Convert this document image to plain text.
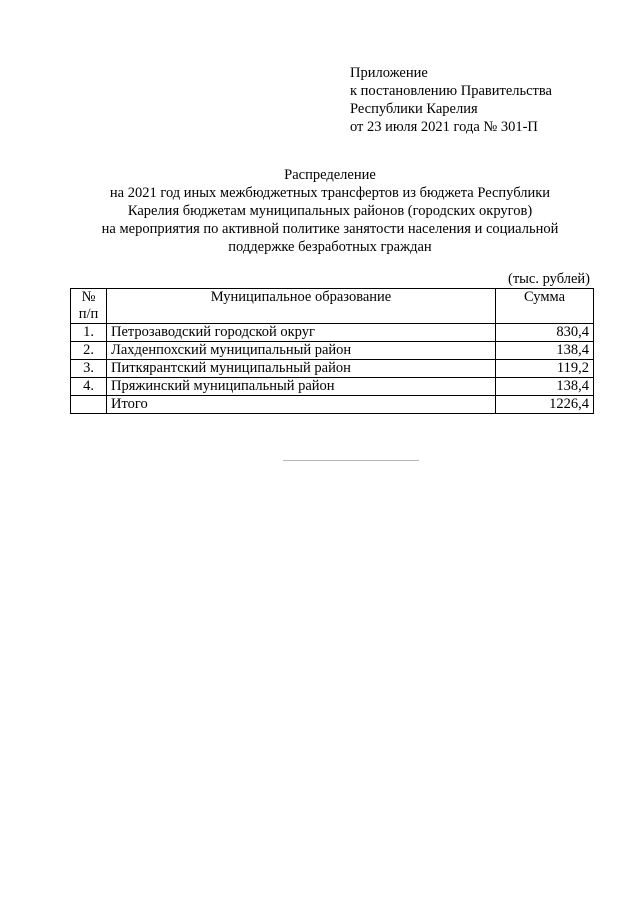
Приложение
к постановлению Правительства
Республики Карелия
от 23 июля 2021 года № 301-П
Распределение
на 2021 год иных межбюджетных трансфертов из бюджета Республики
Карелия бюджетам муниципальных районов (городских округов)
на мероприятия по активной политике занятости населения и социальной
поддержке безработных граждан
(тыс. рублей)
№
п/п	Муниципальное образование	Сумма
1.	Петрозаводский городской округ	830,4
2.	Лахденпохский муниципальный район	138,4
3.	Питкярантский муниципальный район	119,2
4.	Пряжинский муниципальный район	138,4
	Итого	1226,4
